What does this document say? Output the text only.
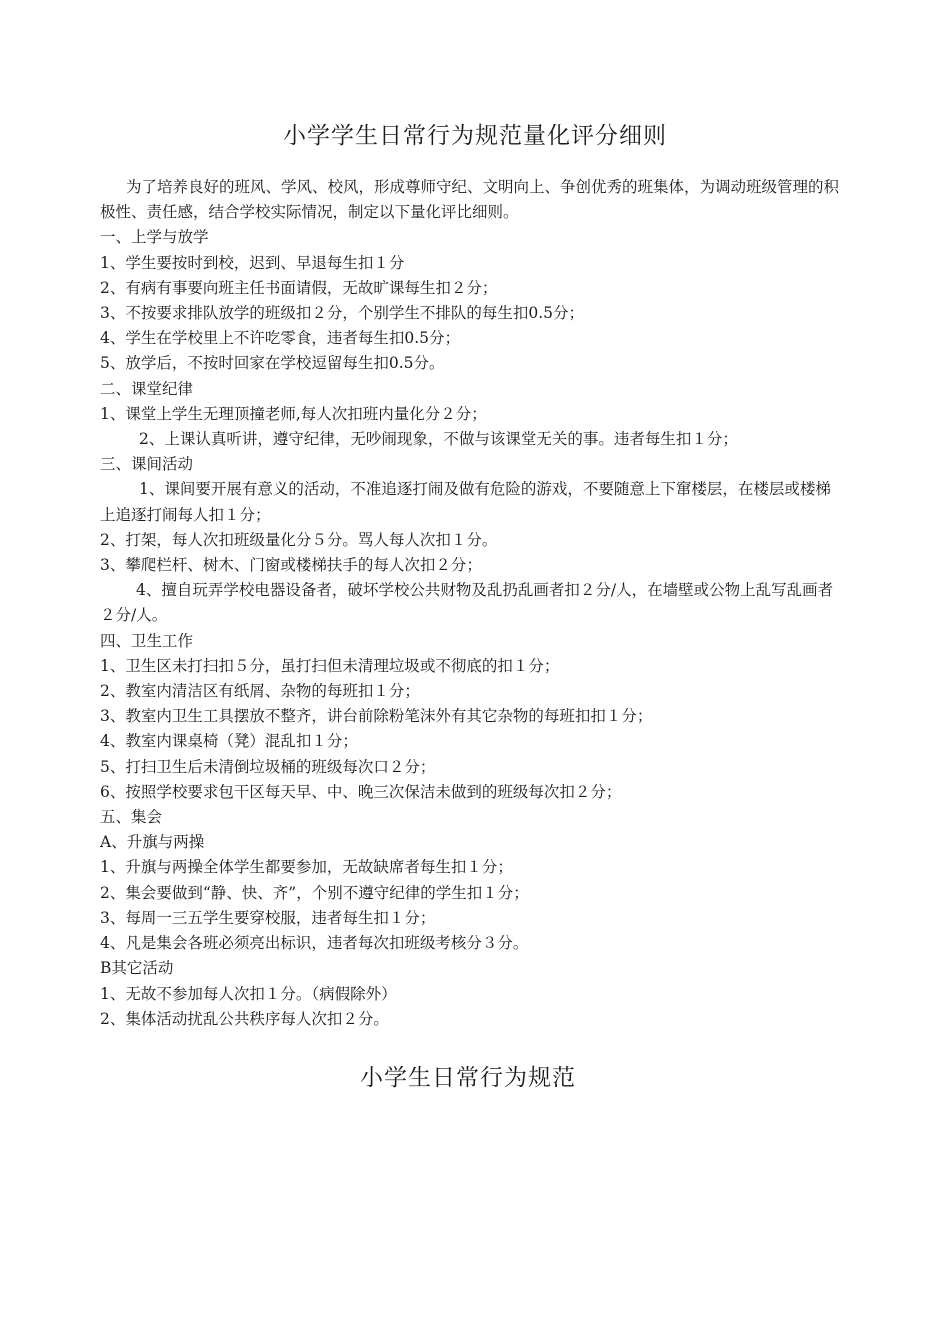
小学学生日常行为规范量化评分细则

为了培养良好的班风、学风、校风，形成尊师守纪、文明向上、争创优秀的班集体，为调动班级管理的积极性、责任感，结合学校实际情况，制定以下量化评比细则。

一、上学与放学

1、学生要按时到校，迟到、早退每生扣１分

2、有病有事要向班主任书面请假，无故旷课每生扣２分；

3、不按要求排队放学的班级扣２分，个别学生不排队的每生扣0.5分；

4、学生在学校里上不许吃零食，违者每生扣0.5分；

5、放学后，不按时回家在学校逗留每生扣0.5分。

二、课堂纪律

1、课堂上学生无理顶撞老师,每人次扣班内量化分２分；

2、上课认真听讲，遵守纪律，无吵闹现象，不做与该课堂无关的事。违者每生扣１分；

三、课间活动

1、课间要开展有意义的活动，不准追逐打闹及做有危险的游戏，不要随意上下窜楼层，在楼层或楼梯上追逐打闹每人扣１分；

2、打架，每人次扣班级量化分５分。骂人每人次扣１分。

3、攀爬栏杆、树木、门窗或楼梯扶手的每人次扣２分；

4、擅自玩弄学校电器设备者，破坏学校公共财物及乱扔乱画者扣２分/人，在墙壁或公物上乱写乱画者２分/人。

四、卫生工作

1、卫生区未打扫扣５分，虽打扫但未清理垃圾或不彻底的扣１分；

2、教室内清洁区有纸屑、杂物的每班扣１分；

3、教室内卫生工具摆放不整齐，讲台前除粉笔沫外有其它杂物的每班扣扣１分；

4、教室内课桌椅（凳）混乱扣１分；

5、打扫卫生后未清倒垃圾桶的班级每次口２分；

6、按照学校要求包干区每天早、中、晚三次保洁未做到的班级每次扣２分；

五、集会

A、升旗与两操

1、升旗与两操全体学生都要参加，无故缺席者每生扣１分；

2、集会要做到“静、快、齐”，个别不遵守纪律的学生扣１分；

3、每周一三五学生要穿校服，违者每生扣１分；

4、凡是集会各班必须亮出标识，违者每次扣班级考核分３分。

B其它活动

1、无故不参加每人次扣１分。（病假除外）

2、集体活动扰乱公共秩序每人次扣２分。

小学生日常行为规范
